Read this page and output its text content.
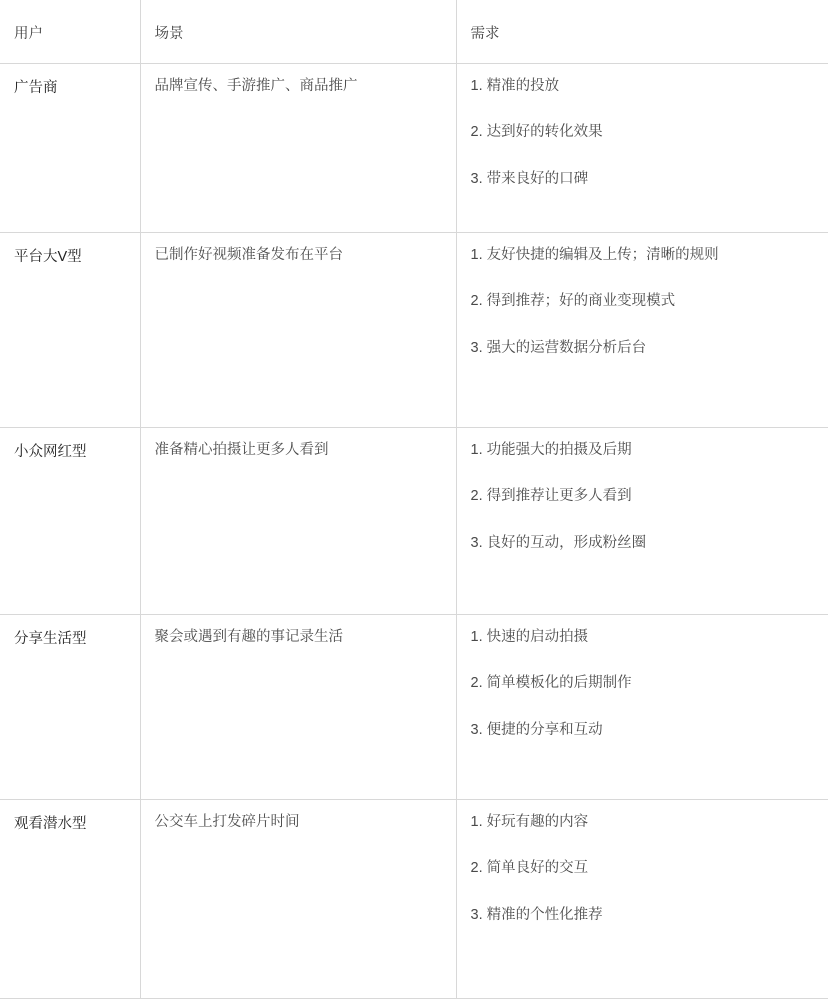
用户	场景	需求
广告商	品牌宣传、手游推广、商品推广	1. 精准的投放
2. 达到好的转化效果
3. 带来良好的口碑

平台大V型	已制作好视频准备发布在平台	1. 友好快捷的编辑及上传；清晰的规则
2. 得到推荐；好的商业变现模式
3. 强大的运营数据分析后台

小众网红型	准备精心拍摄让更多人看到	1. 功能强大的拍摄及后期
2. 得到推荐让更多人看到
3. 良好的互动，形成粉丝圈

分享生活型	聚会或遇到有趣的事记录生活	1. 快速的启动拍摄
2. 简单模板化的后期制作
3. 便捷的分享和互动

观看潜水型	公交车上打发碎片时间	1. 好玩有趣的内容
2. 简单良好的交互
3. 精准的个性化推荐
